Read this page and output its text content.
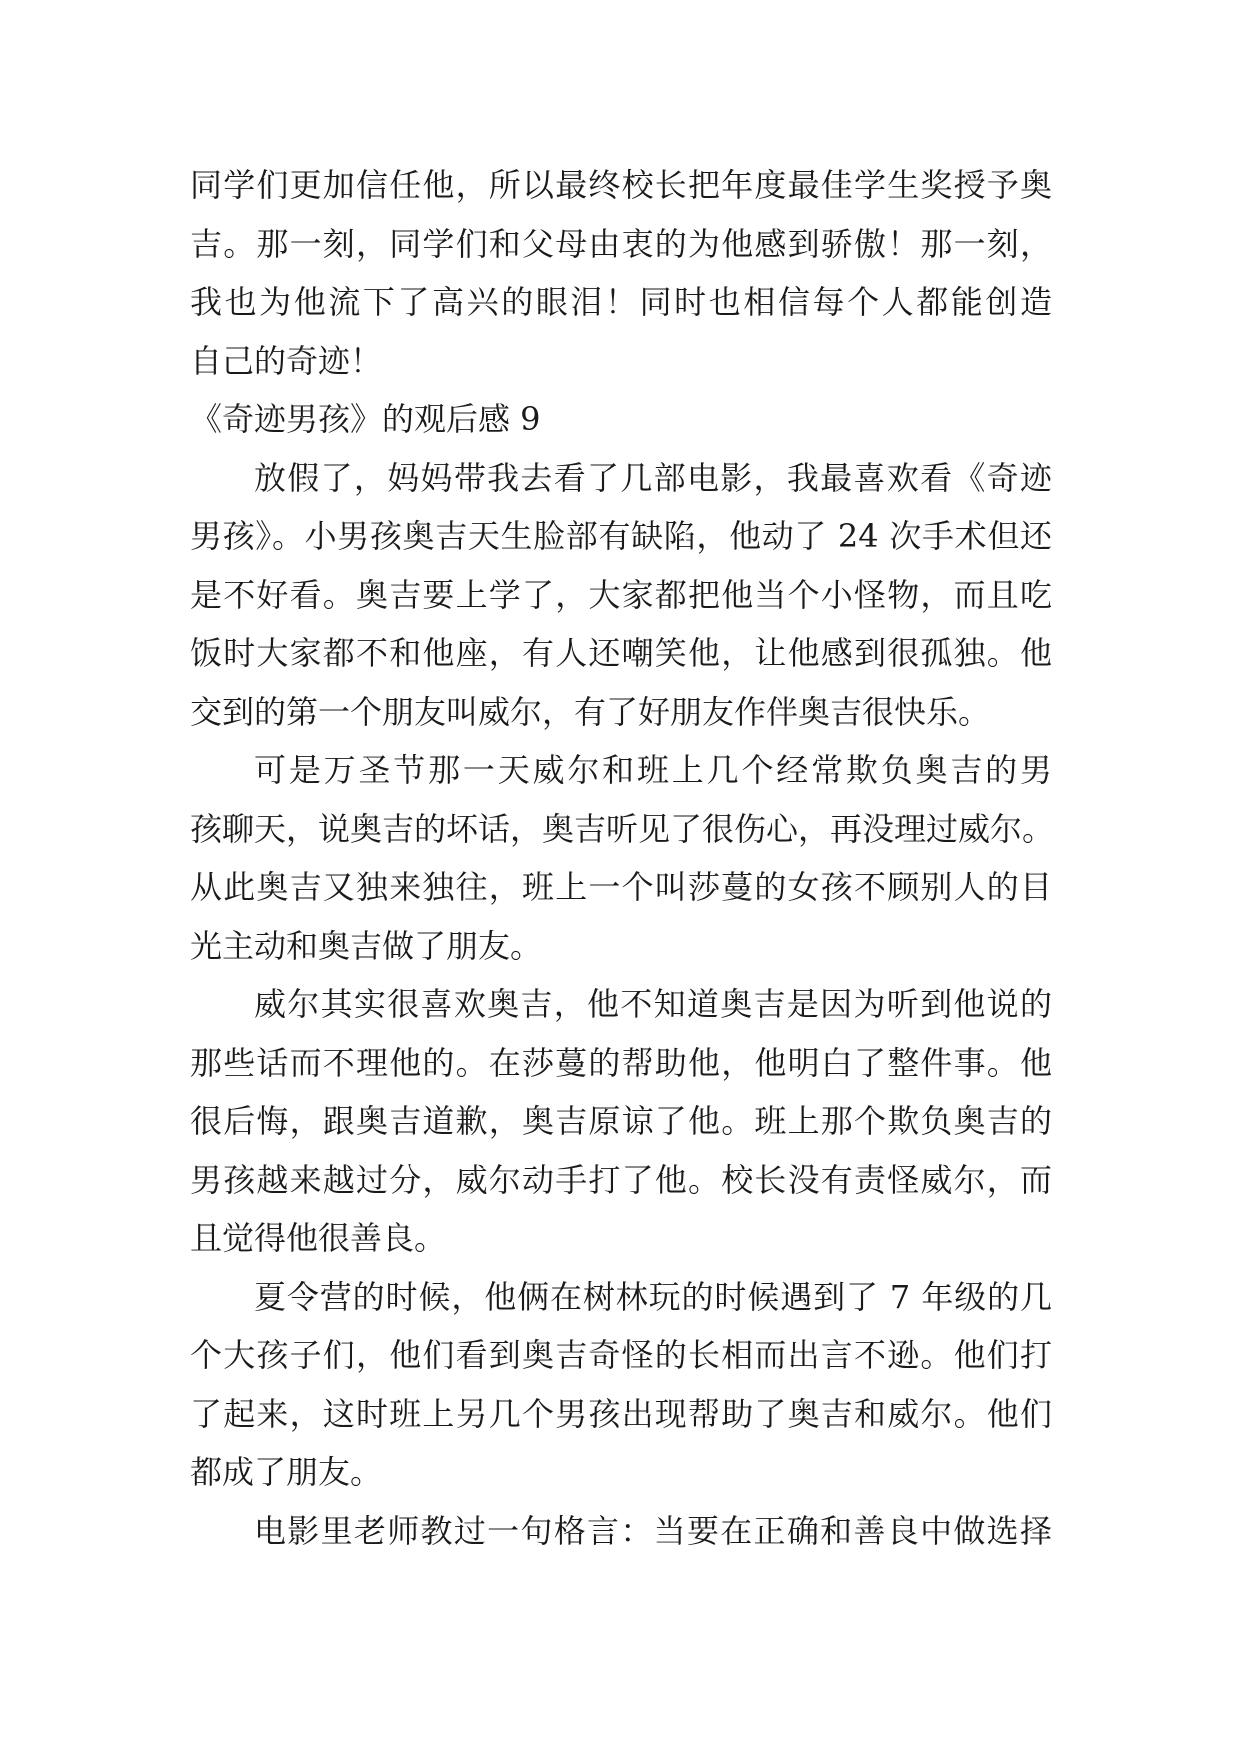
同学们更加信任他，所以最终校长把年度最佳学生奖授予奥
吉。那一刻，同学们和父母由衷的为他感到骄傲！那一刻，
我也为他流下了高兴的眼泪！同时也相信每个人都能创造
自己的奇迹！
《奇迹男孩》的观后感 9
放假了，妈妈带我去看了几部电影，我最喜欢看《奇迹
男孩》。小男孩奥吉天生脸部有缺陷，他动了 24 次手术但还
是不好看。奥吉要上学了，大家都把他当个小怪物，而且吃
饭时大家都不和他座，有人还嘲笑他，让他感到很孤独。他
交到的第一个朋友叫威尔，有了好朋友作伴奥吉很快乐。
可是万圣节那一天威尔和班上几个经常欺负奥吉的男
孩聊天，说奥吉的坏话，奥吉听见了很伤心，再没理过威尔。
从此奥吉又独来独往，班上一个叫莎蔓的女孩不顾别人的目
光主动和奥吉做了朋友。
威尔其实很喜欢奥吉，他不知道奥吉是因为听到他说的
那些话而不理他的。在莎蔓的帮助他，他明白了整件事。他
很后悔，跟奥吉道歉，奥吉原谅了他。班上那个欺负奥吉的
男孩越来越过分，威尔动手打了他。校长没有责怪威尔，而
且觉得他很善良。
夏令营的时候，他俩在树林玩的时候遇到了 7 年级的几
个大孩子们，他们看到奥吉奇怪的长相而出言不逊。他们打
了起来，这时班上另几个男孩出现帮助了奥吉和威尔。他们
都成了朋友。
电影里老师教过一句格言：当要在正确和善良中做选择
